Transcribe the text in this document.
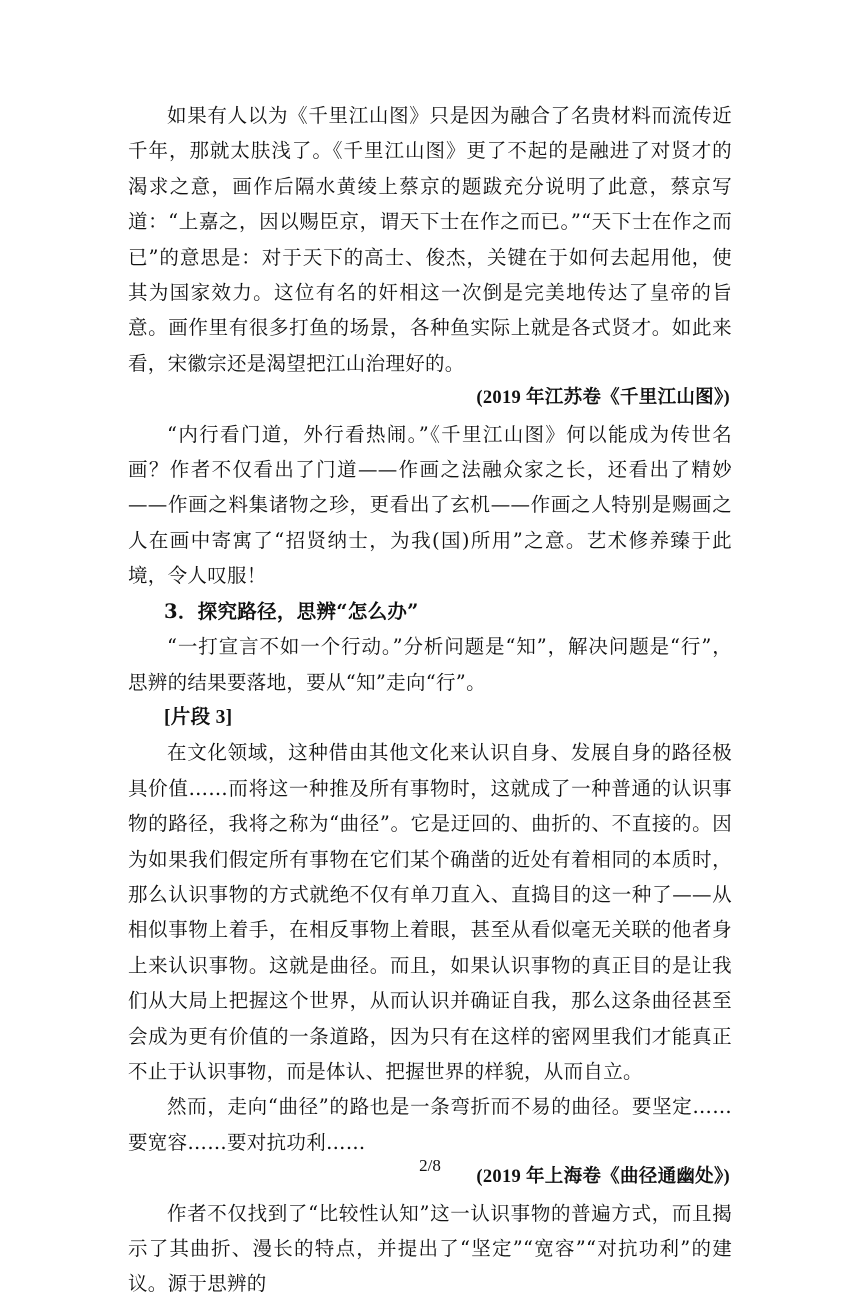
如果有人以为《千里江山图》只是因为融合了名贵材料而流传近千年，那就太肤浅了。《千里江山图》更了不起的是融进了对贤才的渴求之意，画作后隔水黄绫上蔡京的题跋充分说明了此意，蔡京写道：“上嘉之，因以赐臣京，谓天下士在作之而已。”“天下士在作之而已”的意思是：对于天下的高士、俊杰，关键在于如何去起用他，使其为国家效力。这位有名的奸相这一次倒是完美地传达了皇帝的旨意。画作里有很多打鱼的场景，各种鱼实际上就是各式贤才。如此来看，宋徽宗还是渴望把江山治理好的。

(2019 年江苏卷《千里江山图》)

“内行看门道，外行看热闹。”《千里江山图》何以能成为传世名画？作者不仅看出了门道——作画之法融众家之长，还看出了精妙——作画之料集诸物之珍，更看出了玄机——作画之人特别是赐画之人在画中寄寓了“招贤纳士，为我(国)所用”之意。艺术修养臻于此境，令人叹服！

3．探究路径，思辨“怎么办”

“一打宣言不如一个行动。”分析问题是“知”，解决问题是“行”，思辨的结果要落地，要从“知”走向“行”。

[片段 3]

在文化领域，这种借由其他文化来认识自身、发展自身的路径极具价值……而将这一种推及所有事物时，这就成了一种普通的认识事物的路径，我将之称为“曲径”。它是迂回的、曲折的、不直接的。因为如果我们假定所有事物在它们某个确凿的近处有着相同的本质时，那么认识事物的方式就绝不仅有单刀直入、直捣目的这一种了——从相似事物上着手，在相反事物上着眼，甚至从看似毫无关联的他者身上来认识事物。这就是曲径。而且，如果认识事物的真正目的是让我们从大局上把握这个世界，从而认识并确证自我，那么这条曲径甚至会成为更有价值的一条道路，因为只有在这样的密网里我们才能真正不止于认识事物，而是体认、把握世界的样貌，从而自立。

然而，走向“曲径”的路也是一条弯折而不易的曲径。要坚定……要宽容……要对抗功利……

(2019 年上海卷《曲径通幽处》)

作者不仅找到了“比较性认知”这一认识事物的普遍方式，而且揭示了其曲折、漫长的特点，并提出了“坚定”“宽容”“对抗功利”的建议。源于思辨的

2/8
